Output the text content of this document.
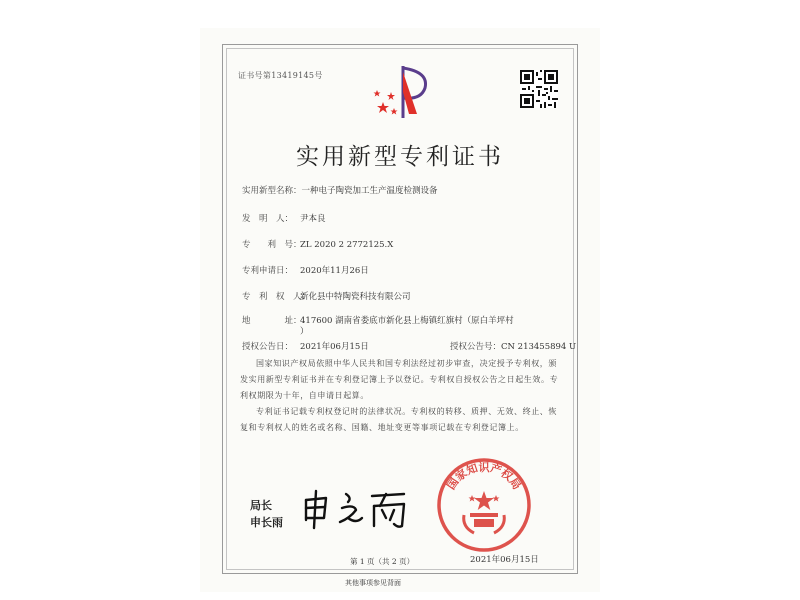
证书号第13419145号
实用新型专利证书
实用新型名称：一种电子陶瓷加工生产温度检测设备
发　明　人： 尹本良
专　　利　号：ZL 2020 2 2772125.X
专利申请日： 2020年11月26日
专　利　权　人：新化县中特陶瓷科技有限公司
地　　　　址：417600 湖南省娄底市新化县上梅镇红旗村（原白羊坪村
）
授权公告日： 2021年06月15日	授权公告号：CN 213455894 U
国家知识产权局依照中华人民共和国专利法经过初步审查，决定授予专利权，颁发实用新型专利证书并在专利登记簿上予以登记。专利权自授权公告之日起生效。专利权期限为十年，自申请日起算。
专利证书记载专利权登记时的法律状况。专利权的转移、质押、无效、终止、恢复和专利权人的姓名或名称、国籍、地址变更等事项记载在专利登记簿上。
局长
申长雨
国家知识产权局
2021年06月15日
第 1 页（共 2 页）
其他事项参见背面
